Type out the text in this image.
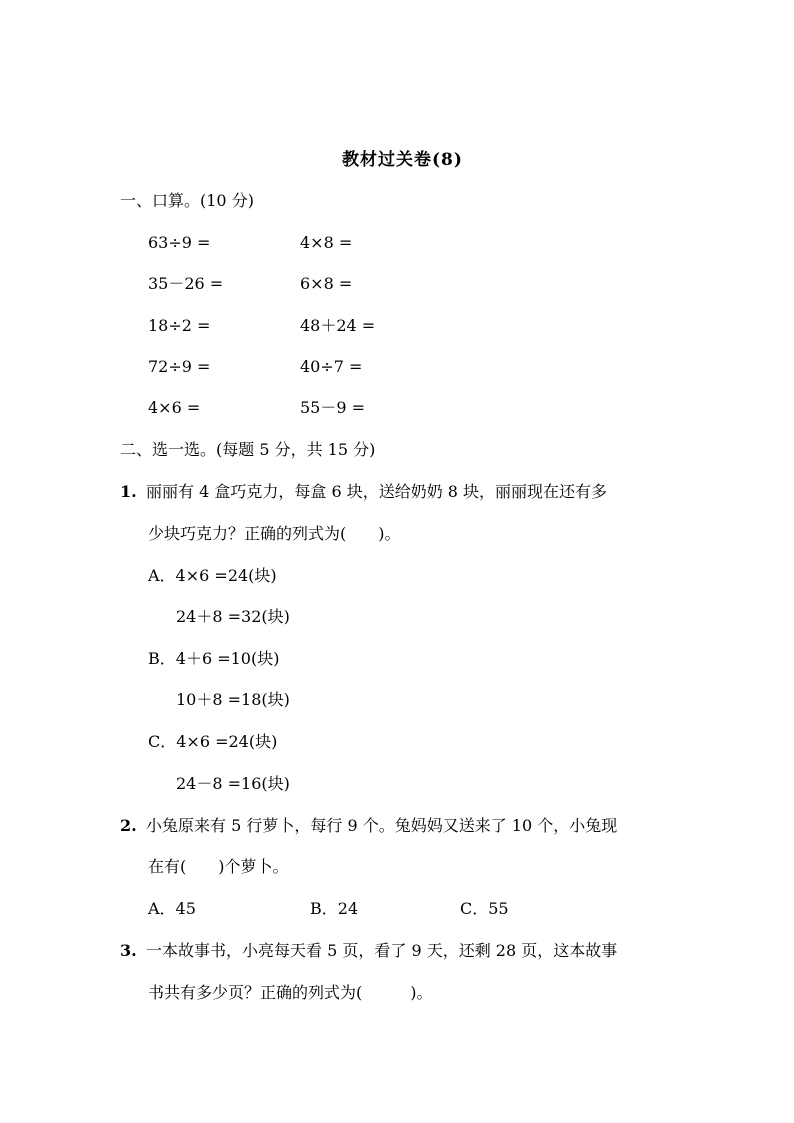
教材过关卷(8)
一、口算。(10 分)
63÷9 =	4×8 =
35－26 =	6×8 =
18÷2 =	48＋24 =
72÷9 =	40÷7 =
4×6 =	55－9 =
二、选一选。(每题 5 分，共 15 分)
1. 丽丽有 4 盒巧克力，每盒 6 块，送给奶奶 8 块，丽丽现在还有多
少块巧克力？正确的列式为(　　)。
A．4×6 =24(块)
24＋8 =32(块)
B．4＋6 =10(块)
10＋8 =18(块)
C．4×6 =24(块)
24－8 =16(块)
2. 小兔原来有 5 行萝卜，每行 9 个。兔妈妈又送来了 10 个，小兔现
在有(　　)个萝卜。
A．45	B．24	C．55
3. 一本故事书，小亮每天看 5 页，看了 9 天，还剩 28 页，这本故事
书共有多少页？正确的列式为(　　　)。
